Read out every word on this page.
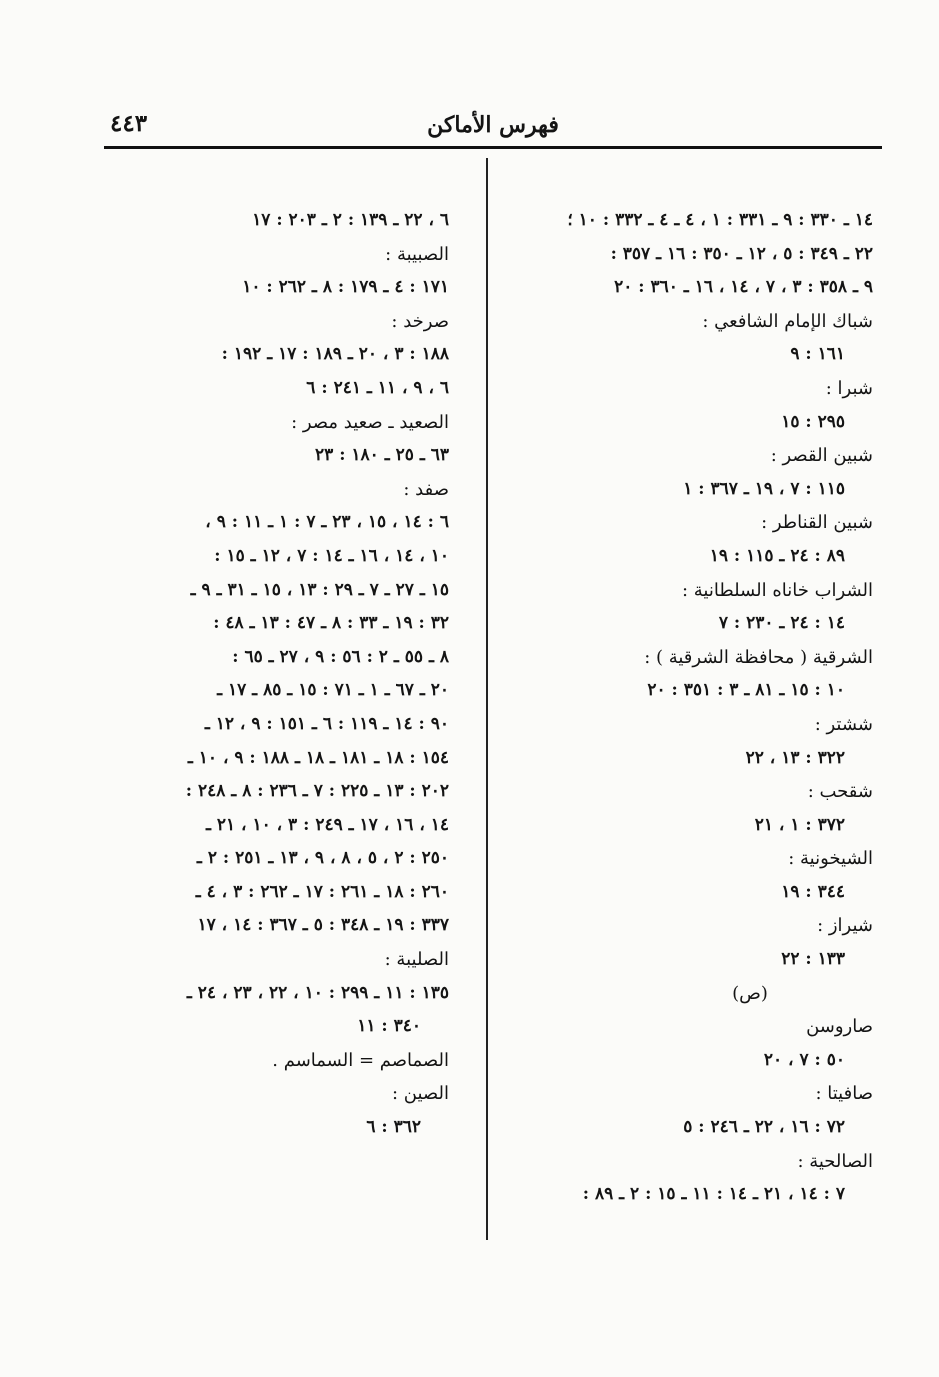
٤٤٣	فهرس الأماكن
١٤ ـ ٣٣٠ : ٩ ـ ٣٣١ : ١ ، ٤ ـ ٤ ـ ٣٣٢ : ١٠ ؛
٢٢ ـ ٣٤٩ : ٥ ، ١٢ ـ ٣٥٠ : ١٦ ـ ٣٥٧ :
٩ ـ ٣٥٨ : ٣ ، ٧ ، ١٤ ، ١٦ ـ ٣٦٠ : ٢٠
شباك الإمام الشافعي :
١٦١ : ٩
شبرا :
٢٩٥ : ١٥
شبين القصر :
١١٥ : ٧ ، ١٩ ـ ٣٦٧ : ١
شبين القناطر :
٨٩ : ٢٤ ـ ١١٥ : ١٩
الشراب خاناه السلطانية :
١٤ : ٢٤ ـ ٢٣٠ : ٧
الشرقية ( محافظة الشرقية ) :
١٠ : ١٥ ـ ٨١ ـ ٣ : ٣٥١ : ٢٠
ششتر :
٣٢٢ : ١٣ ، ٢٢
شقحب :
٣٧٢ : ١ ، ٢١
الشيخونية :
٣٤٤ : ١٩
شيراز :
١٣٣ : ٢٢
(ص)
صاروسن
٥٠ : ٧ ، ٢٠
صافيتا :
٧٢ : ١٦ ، ٢٢ ـ ٢٤٦ : ٥
الصالحية :
٧ : ١٤ ، ٢١ ـ ١٤ : ١١ ـ ١٥ : ٢ ـ ٨٩ :
٦ ، ٢٢ ـ ١٣٩ : ٢ ـ ٢٠٣ : ١٧
الصبيبة :
١٧١ : ٤ ـ ١٧٩ : ٨ ـ ٢٦٢ : ١٠
صرخد :
١٨٨ : ٣ ، ٢٠ ـ ١٨٩ : ١٧ ـ ١٩٢ :
٦ ، ٩ ، ١١ ـ ٢٤١ : ٦
الصعيد ـ صعيد مصر :
٦٣ ـ ٢٥ ـ ١٨٠ : ٢٣
صفد :
٦ : ١٤ ، ١٥ ، ٢٣ ـ ٧ : ١ ـ ١١ : ٩ ،
١٠ ، ١٤ ، ١٦ ـ ١٤ : ٧ ، ١٢ ـ ١٥ :
١٥ ـ ٢٧ ـ ٧ ـ ٢٩ : ١٣ ، ١٥ ـ ٣١ ـ ٩ ـ
٣٢ : ١٩ ـ ٣٣ : ٨ ـ ٤٧ : ١٣ ـ ٤٨ :
٨ ـ ٥٥ ـ ٢ : ٥٦ : ٩ ، ٢٧ ـ ٦٥ :
٢٠ ـ ٦٧ ـ ١ ـ ٧١ : ١٥ ـ ٨٥ ـ ١٧ ـ
٩٠ : ١٤ ـ ١١٩ : ٦ ـ ١٥١ : ٩ ، ١٢ ـ
١٥٤ : ١٨ ـ ١٨١ ـ ١٨ ـ ١٨٨ : ٩ ، ١٠ ـ
٢٠٢ : ١٣ ـ ٢٢٥ : ٧ ـ ٢٣٦ : ٨ ـ ٢٤٨ :
١٤ ، ١٦ ، ١٧ ـ ٢٤٩ : ٣ ، ١٠ ، ٢١ ـ
٢٥٠ : ٢ ، ٥ ، ٨ ، ٩ ، ١٣ ـ ٢٥١ : ٢ ـ
٢٦٠ : ١٨ ـ ٢٦١ : ١٧ ـ ٢٦٢ : ٣ ، ٤ ـ
٣٣٧ : ١٩ ـ ٣٤٨ : ٥ ـ ٣٦٧ : ١٤ ، ١٧
الصليبة :
١٣٥ : ١١ ـ ٢٩٩ : ١٠ ، ٢٢ ، ٢٣ ، ٢٤ ـ
٣٤٠ : ١١
الصماصم = السماسم .
الصين :
٣٦٢ : ٦
